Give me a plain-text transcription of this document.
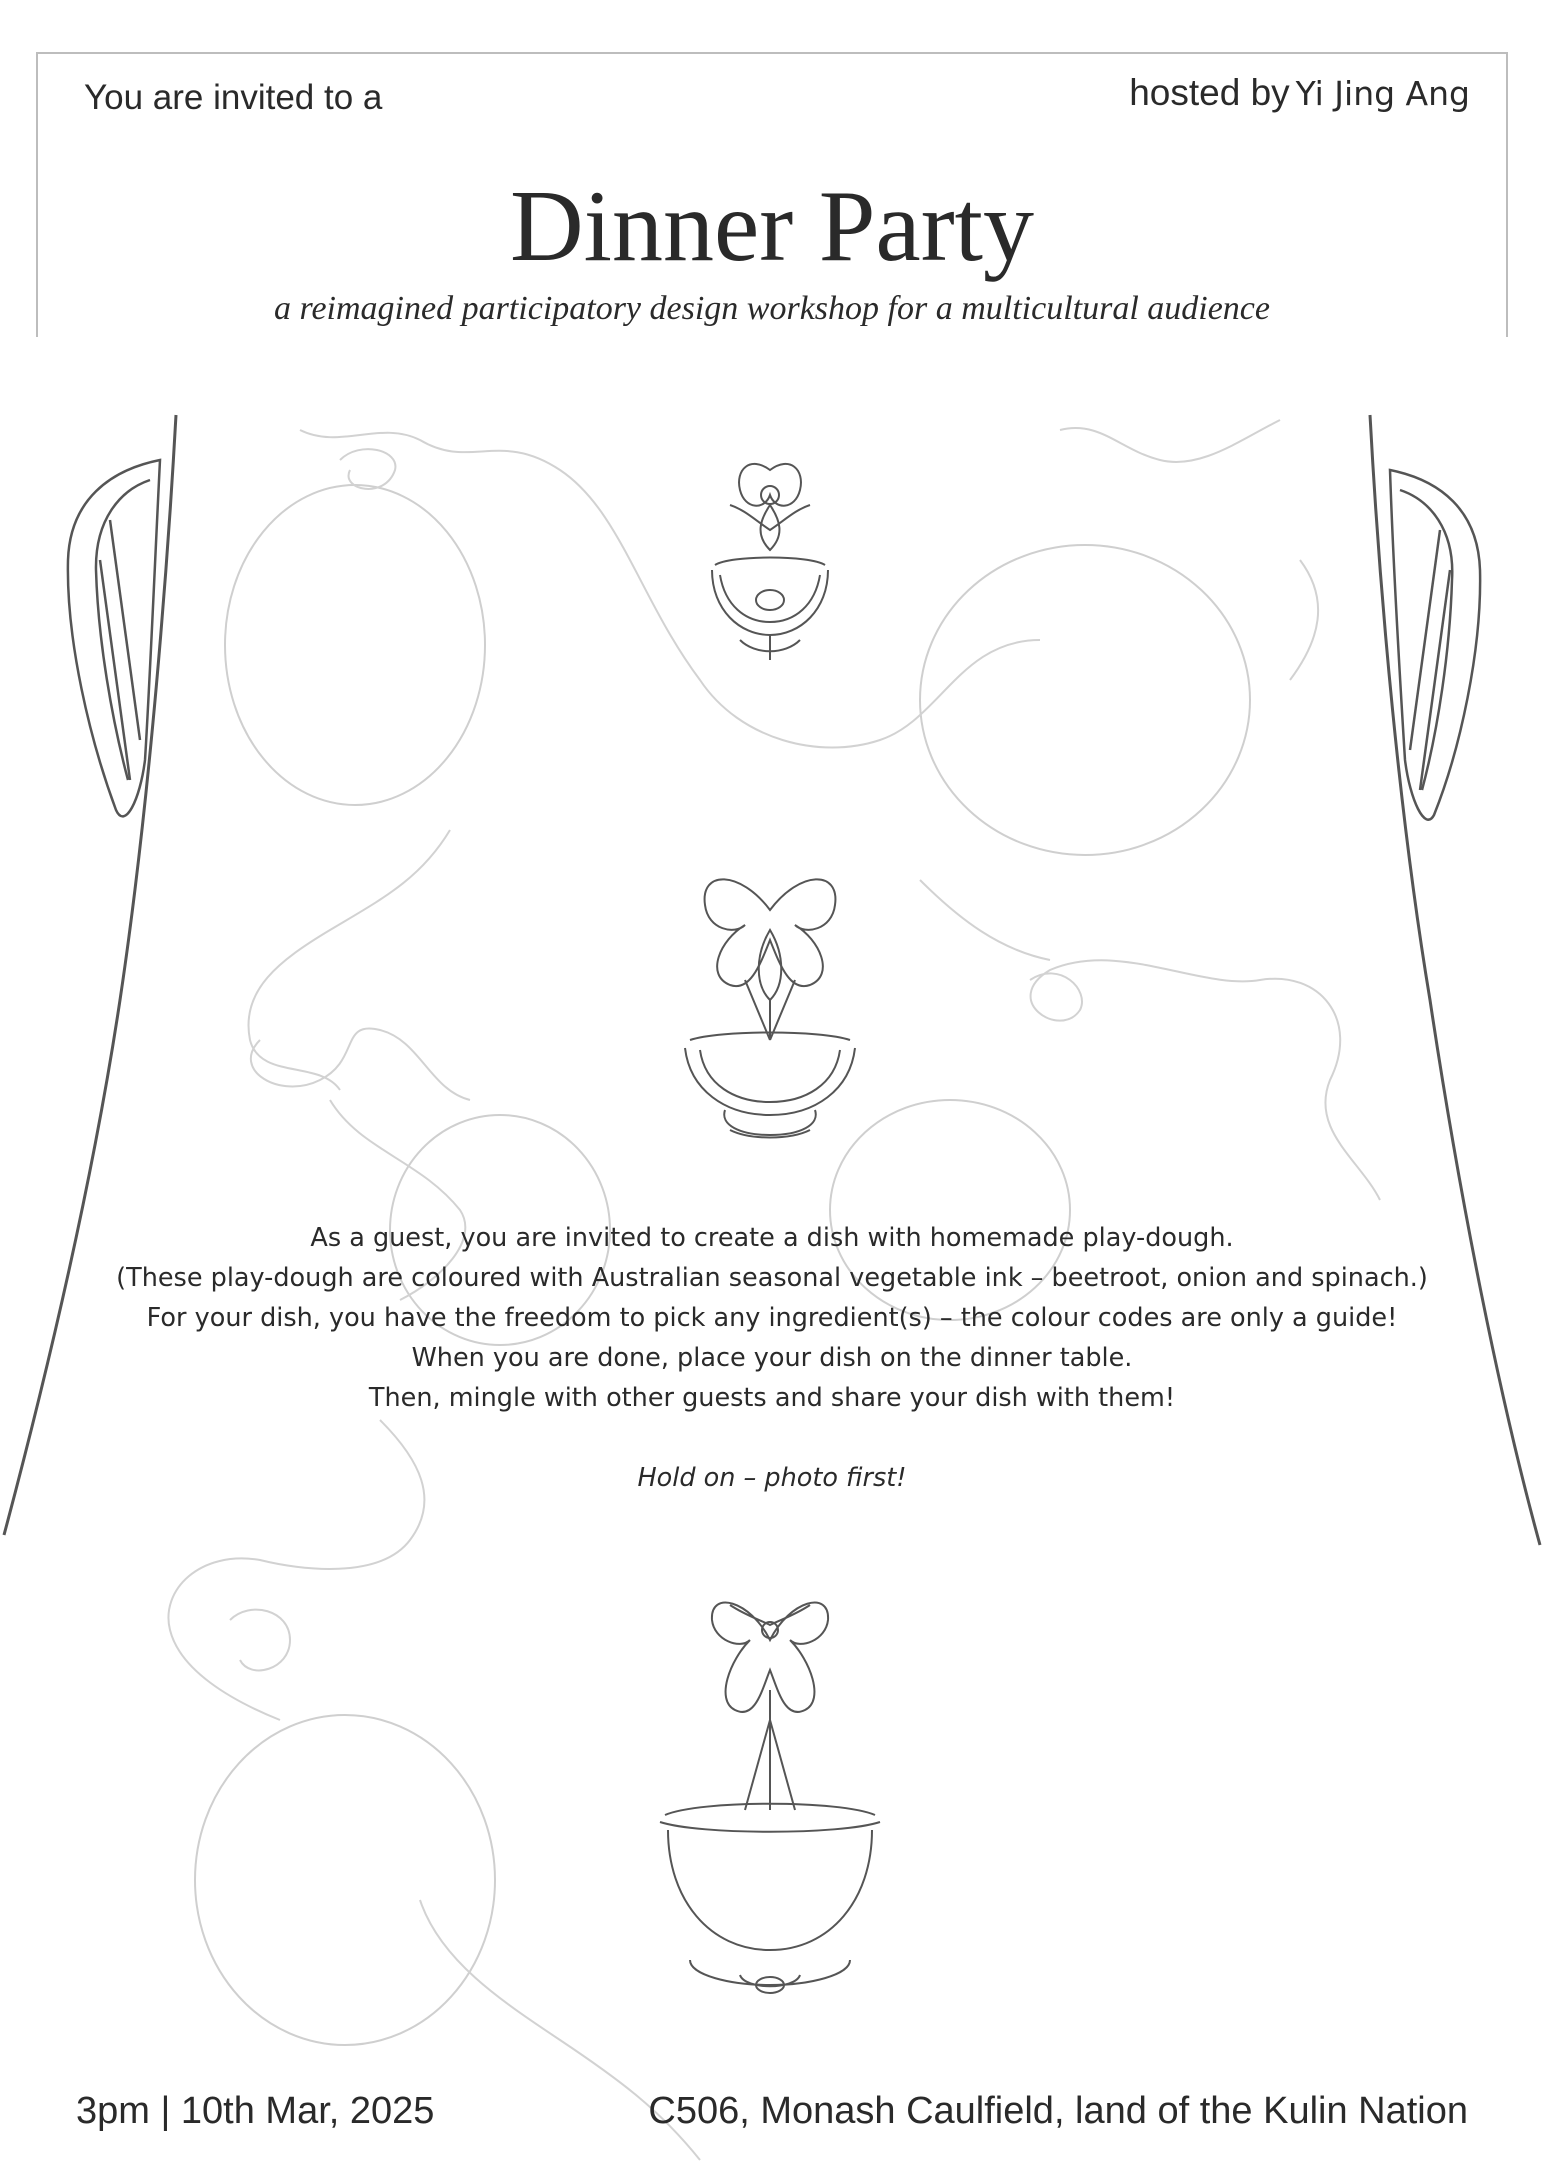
You are invited to a	hosted by Yi Jing Ang
Dinner Party
a reimagined participatory design workshop for a multicultural audience
As a guest, you are invited to create a dish with homemade play-dough.
(These play-dough are coloured with Australian seasonal vegetable ink – beetroot, onion and spinach.)
For your dish, you have the freedom to pick any ingredient(s) – the colour codes are only a guide!
When you are done, place your dish on the dinner table.
Then, mingle with other guests and share your dish with them!
Hold on – photo first!
3pm | 10th Mar, 2025	C506, Monash Caulfield, land of the Kulin Nation
